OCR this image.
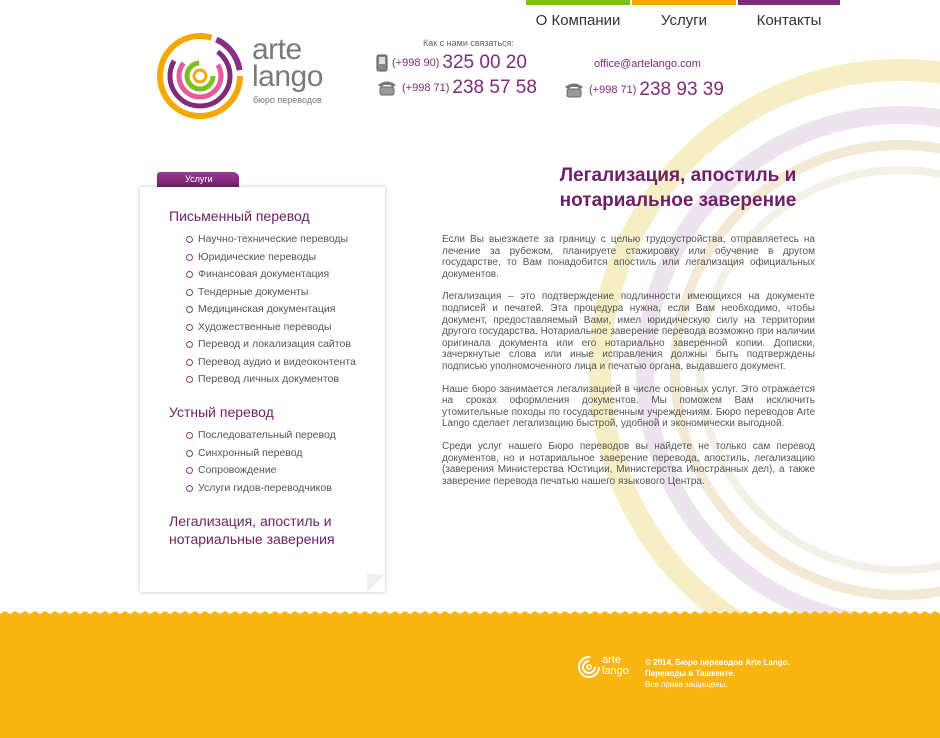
О Компании	Услуги	Контакты
arte
lango
бюро переводов
Как с нами связаться:
(+998 90) 325 00 20
(+998 71) 238 57 58
office@artelango.com
(+998 71) 238 93 39
Услуги
Письменный перевод
Научно-технические переводы
Юридические переводы
Финансовая документация
Тендерные документы
Медицинская документация
Художественные переводы
Перевод и локализация сайтов
Перевод аудио и видеоконтента
Перевод личных документов
Устный перевод
Последовательный перевод
Синхронный перевод
Сопровождение
Услуги гидов-переводчиков
Легализация, апостиль и
нотариальные заверения
Легализация, апостиль и
нотариальное заверение

Если Вы выезжаете за границу с целью трудоустройства, отправляетесь на лечение за рубежом, планируете стажировку или обучение в другом государстве, то Вам понадобится апостиль или легализация официальных документов.

Легализация – это подтверждение подлинности имеющихся на документе подписей и печатей. Эта процедура нужна, если Вам необходимо, чтобы документ, предоставляемый Вами, имел юридическую силу на территории другого государства. Нотариальное заверение перевода возможно при наличии оригинала документа или его нотариально заверенной копии. Дописки, зачеркнутые слова или иные исправления должны быть подтверждены подписью уполномоченного лица и печатью органа, выдавшего документ.

Наше бюро занимается легализацией в числе основных услуг. Это отражается на сроках оформления документов. Мы поможем Вам исключить утомительные походы по государственным учреждениям. Бюро переводов Arte Lango сделает легализацию быстрой, удобной и экономически выгодной.

Среди услуг нашего Бюро переводов вы найдете не только сам перевод документов, но и нотариальное заверение перевода, апостиль, легализацию (заверения Министерства Юстиции, Министерства Иностранных дел), а также заверение перевода печатью нашего языкового Центра.

arte
lango
© 2014, Бюро переводов Arte Lango.
Переводы в Ташкенте.
Все права защищены.
